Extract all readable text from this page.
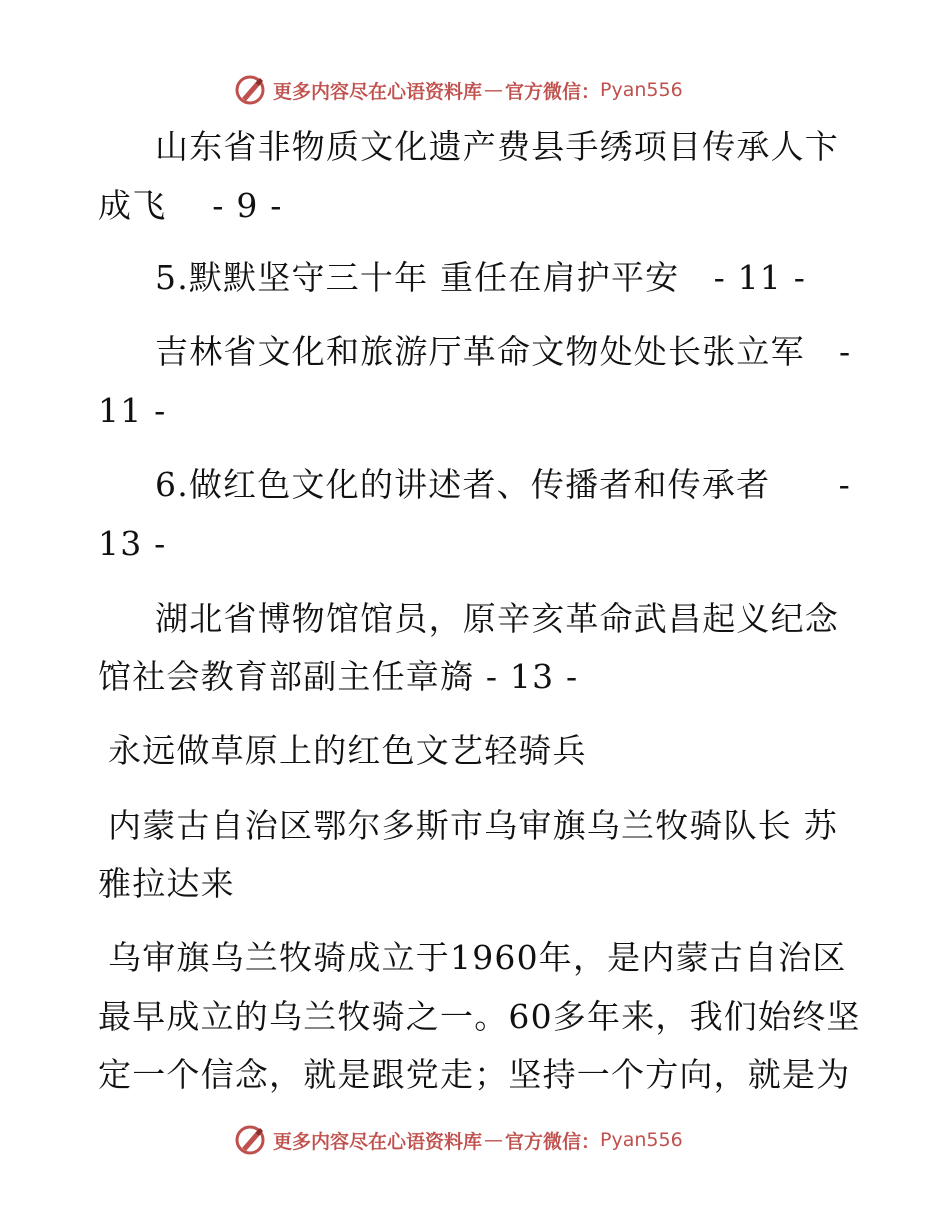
更多内容尽在心语资料库 — 官方微信： Pyan556
山东省非物质文化遗产费县手绣项目传承人卞
成飞　 - 9 -
5.默默坚守三十年 重任在肩护平安　- 11 -
吉林省文化和旅游厅革命文物处处长张立军　-
11 -
6.做红色文化的讲述者、传播者和传承者　　-
13 -
湖北省博物馆馆员，原辛亥革命武昌起义纪念
馆社会教育部副主任章旖 - 13 -
永远做草原上的红色文艺轻骑兵
内蒙古自治区鄂尔多斯市乌审旗乌兰牧骑队长 苏
雅拉达来
乌审旗乌兰牧骑成立于1960年，是内蒙古自治区
最早成立的乌兰牧骑之一。60多年来，我们始终坚
定一个信念，就是跟党走；坚持一个方向，就是为
更多内容尽在心语资料库 — 官方微信： Pyan556
